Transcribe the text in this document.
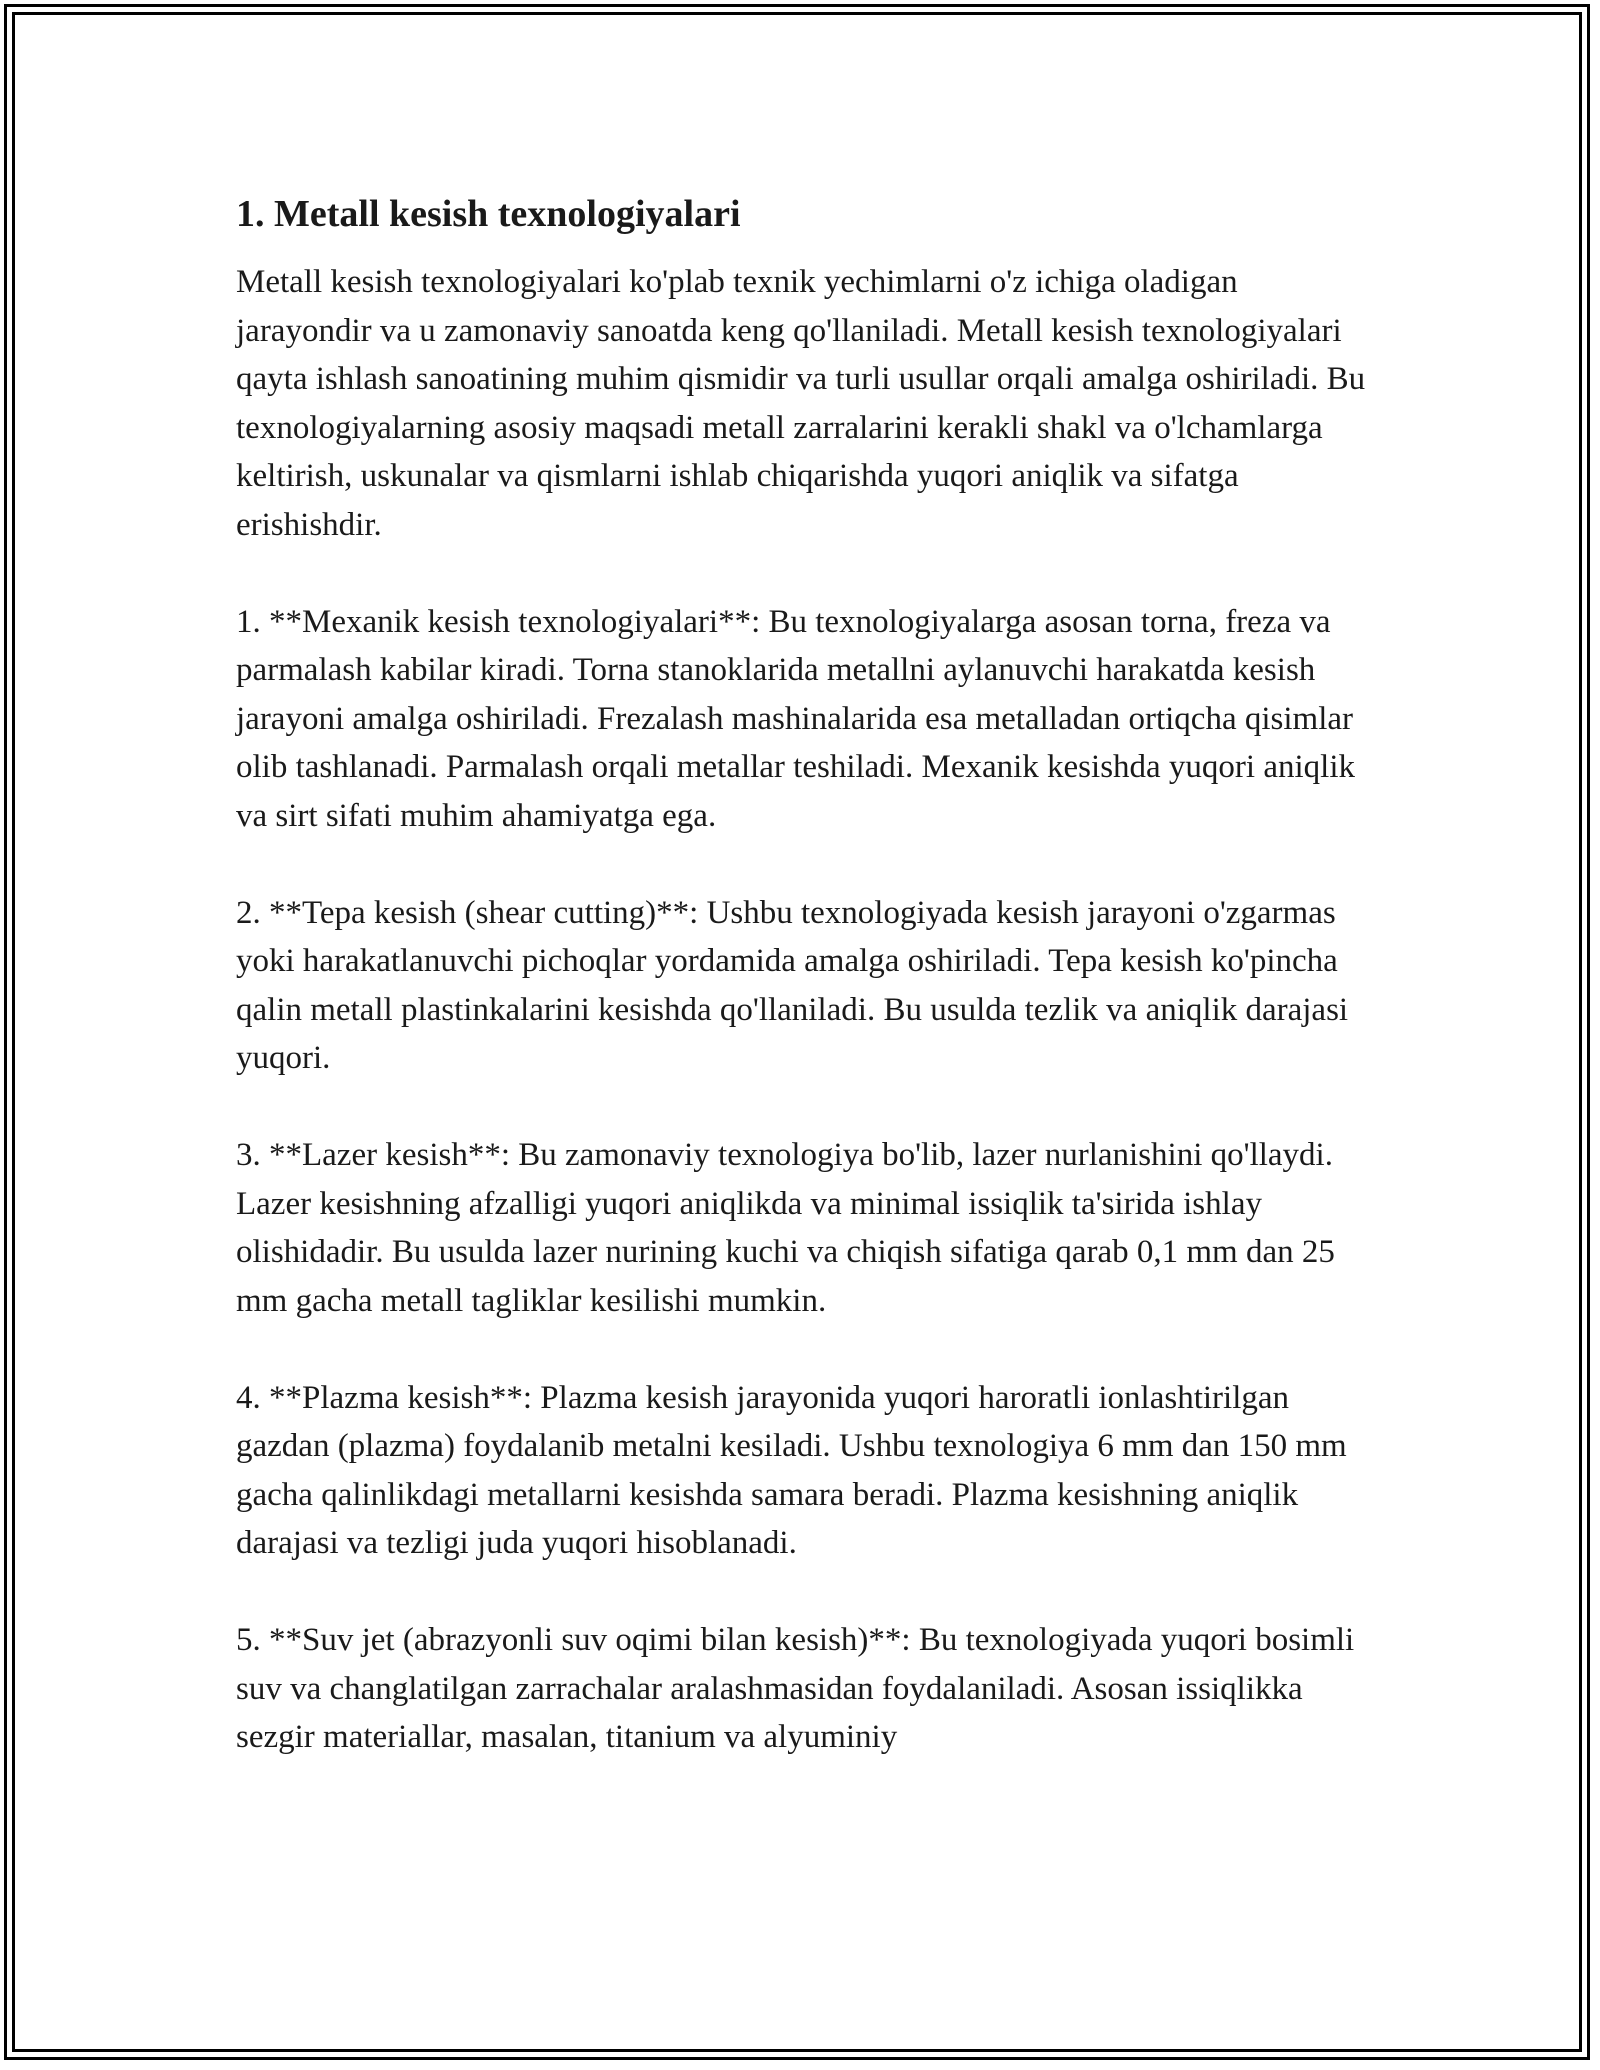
1. Metall kesish texnologiyalari

Metall kesish texnologiyalari ko'plab texnik yechimlarni o'z ichiga oladigan jarayondir va u zamonaviy sanoatda keng qo'llaniladi. Metall kesish texnologiyalari qayta ishlash sanoatining muhim qismidir va turli usullar orqali amalga oshiriladi. Bu texnologiyalarning asosiy maqsadi metall zarralarini kerakli shakl va o'lchamlarga keltirish, uskunalar va qismlarni ishlab chiqarishda yuqori aniqlik va sifatga erishishdir.

1. **Mexanik kesish texnologiyalari**: Bu texnologiyalarga asosan torna, freza va parmalash kabilar kiradi. Torna stanoklarida metallni aylanuvchi harakatda kesish jarayoni amalga oshiriladi. Frezalash mashinalarida esa metalladan ortiqcha qisimlar olib tashlanadi. Parmalash orqali metallar teshiladi. Mexanik kesishda yuqori aniqlik va sirt sifati muhim ahamiyatga ega.

2. **Tepa kesish (shear cutting)**: Ushbu texnologiyada kesish jarayoni o'zgarmas yoki harakatlanuvchi pichoqlar yordamida amalga oshiriladi. Tepa kesish ko'pincha qalin metall plastinkalarini kesishda qo'llaniladi. Bu usulda tezlik va aniqlik darajasi yuqori.

3. **Lazer kesish**: Bu zamonaviy texnologiya bo'lib, lazer nurlanishini qo'llaydi. Lazer kesishning afzalligi yuqori aniqlikda va minimal issiqlik ta'sirida ishlay olishidadir. Bu usulda lazer nurining kuchi va chiqish sifatiga qarab 0,1 mm dan 25 mm gacha metall tagliklar kesilishi mumkin.

4. **Plazma kesish**: Plazma kesish jarayonida yuqori haroratli ionlashtirilgan gazdan (plazma) foydalanib metalni kesiladi. Ushbu texnologiya 6 mm dan 150 mm gacha qalinlikdagi metallarni kesishda samara beradi. Plazma kesishning aniqlik darajasi va tezligi juda yuqori hisoblanadi.

5. **Suv jet (abrazyonli suv oqimi bilan kesish)**: Bu texnologiyada yuqori bosimli suv va changlatilgan zarrachalar aralashmasidan foydalaniladi. Asosan issiqlikka sezgir materiallar, masalan, titanium va alyuminiy
